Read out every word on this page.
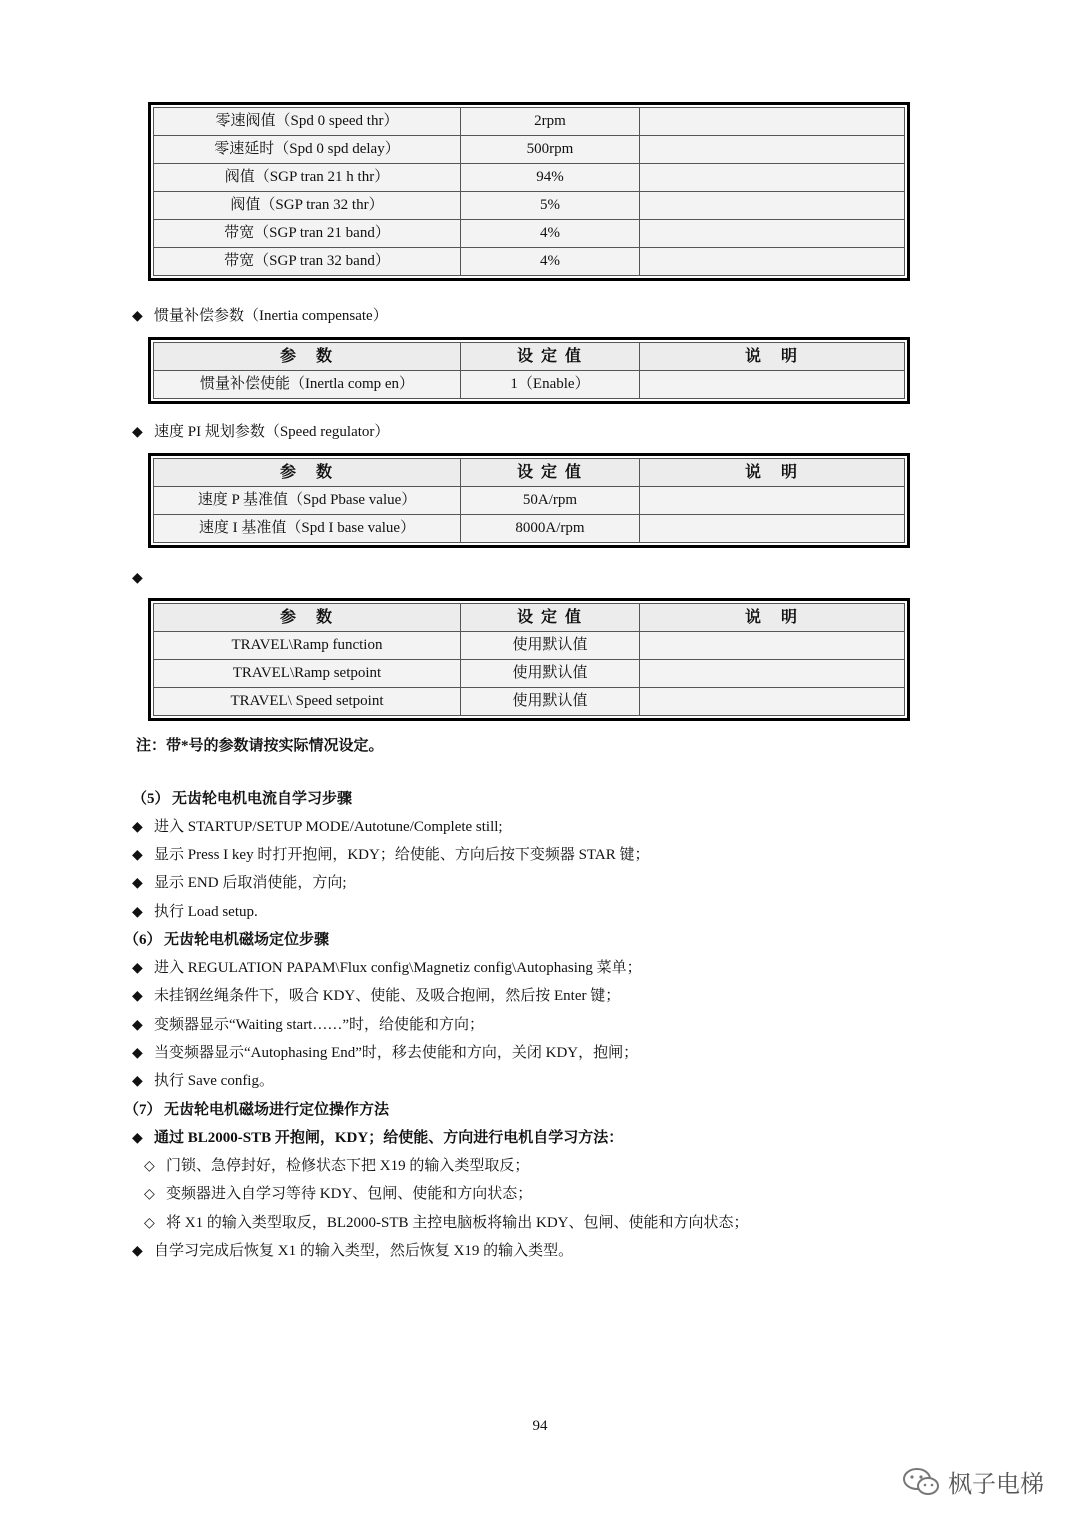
零速阀值（Spd 0 speed thr）	2rpm	
零速延时（Spd 0 spd delay）	500rpm	
阀值（SGP tran 21 h thr）	94%	
阀值（SGP tran 32 thr）	5%	
带宽（SGP tran 21 band）	4%	
带宽（SGP tran 32 band）	4%	
◆ 惯量补偿参数（Inertia compensate）
参　数	设 定 值	说　明
惯量补偿使能（Inertla comp en）	1（Enable）	
◆ 速度 PI 规划参数（Speed regulator）
参　数	设 定 值	说　明
速度 P 基准值（Spd Pbase value）	50A/rpm	
速度 I 基准值（Spd I base value）	8000A/rpm	
◆
参　数	设 定 值	说　明
TRAVEL\Ramp function	使用默认值	
TRAVEL\Ramp setpoint	使用默认值	
TRAVEL\ Speed setpoint	使用默认值	
注：带*号的参数请按实际情况设定。
（5） 无齿轮电机电流自学习步骤
◆ 进入 STARTUP/SETUP MODE/Autotune/Complete still;
◆ 显示 Press I key 时打开抱闸，KDY；给使能、方向后按下变频器 STAR 键；
◆ 显示 END 后取消使能，方向;
◆ 执行 Load setup.
（6） 无齿轮电机磁场定位步骤
◆ 进入 REGULATION PAPAM\Flux config\Magnetiz config\Autophasing 菜单；
◆ 未挂钢丝绳条件下，吸合 KDY、使能、及吸合抱闸，然后按 Enter 键；
◆ 变频器显示“Waiting start……”时，给使能和方向；
◆ 当变频器显示“Autophasing End”时，移去使能和方向，关闭 KDY，抱闸；
◆ 执行 Save config。
（7） 无齿轮电机磁场进行定位操作方法
◆ 通过 BL2000-STB 开抱闸，KDY；给使能、方向进行电机自学习方法：
◇ 门锁、急停封好，检修状态下把 X19 的输入类型取反；
◇ 变频器进入自学习等待 KDY、包闸、使能和方向状态；
◇ 将 X1 的输入类型取反，BL2000-STB 主控电脑板将输出 KDY、包闸、使能和方向状态；
◆ 自学习完成后恢复 X1 的输入类型，然后恢复 X19 的输入类型。
94
枫子电梯
